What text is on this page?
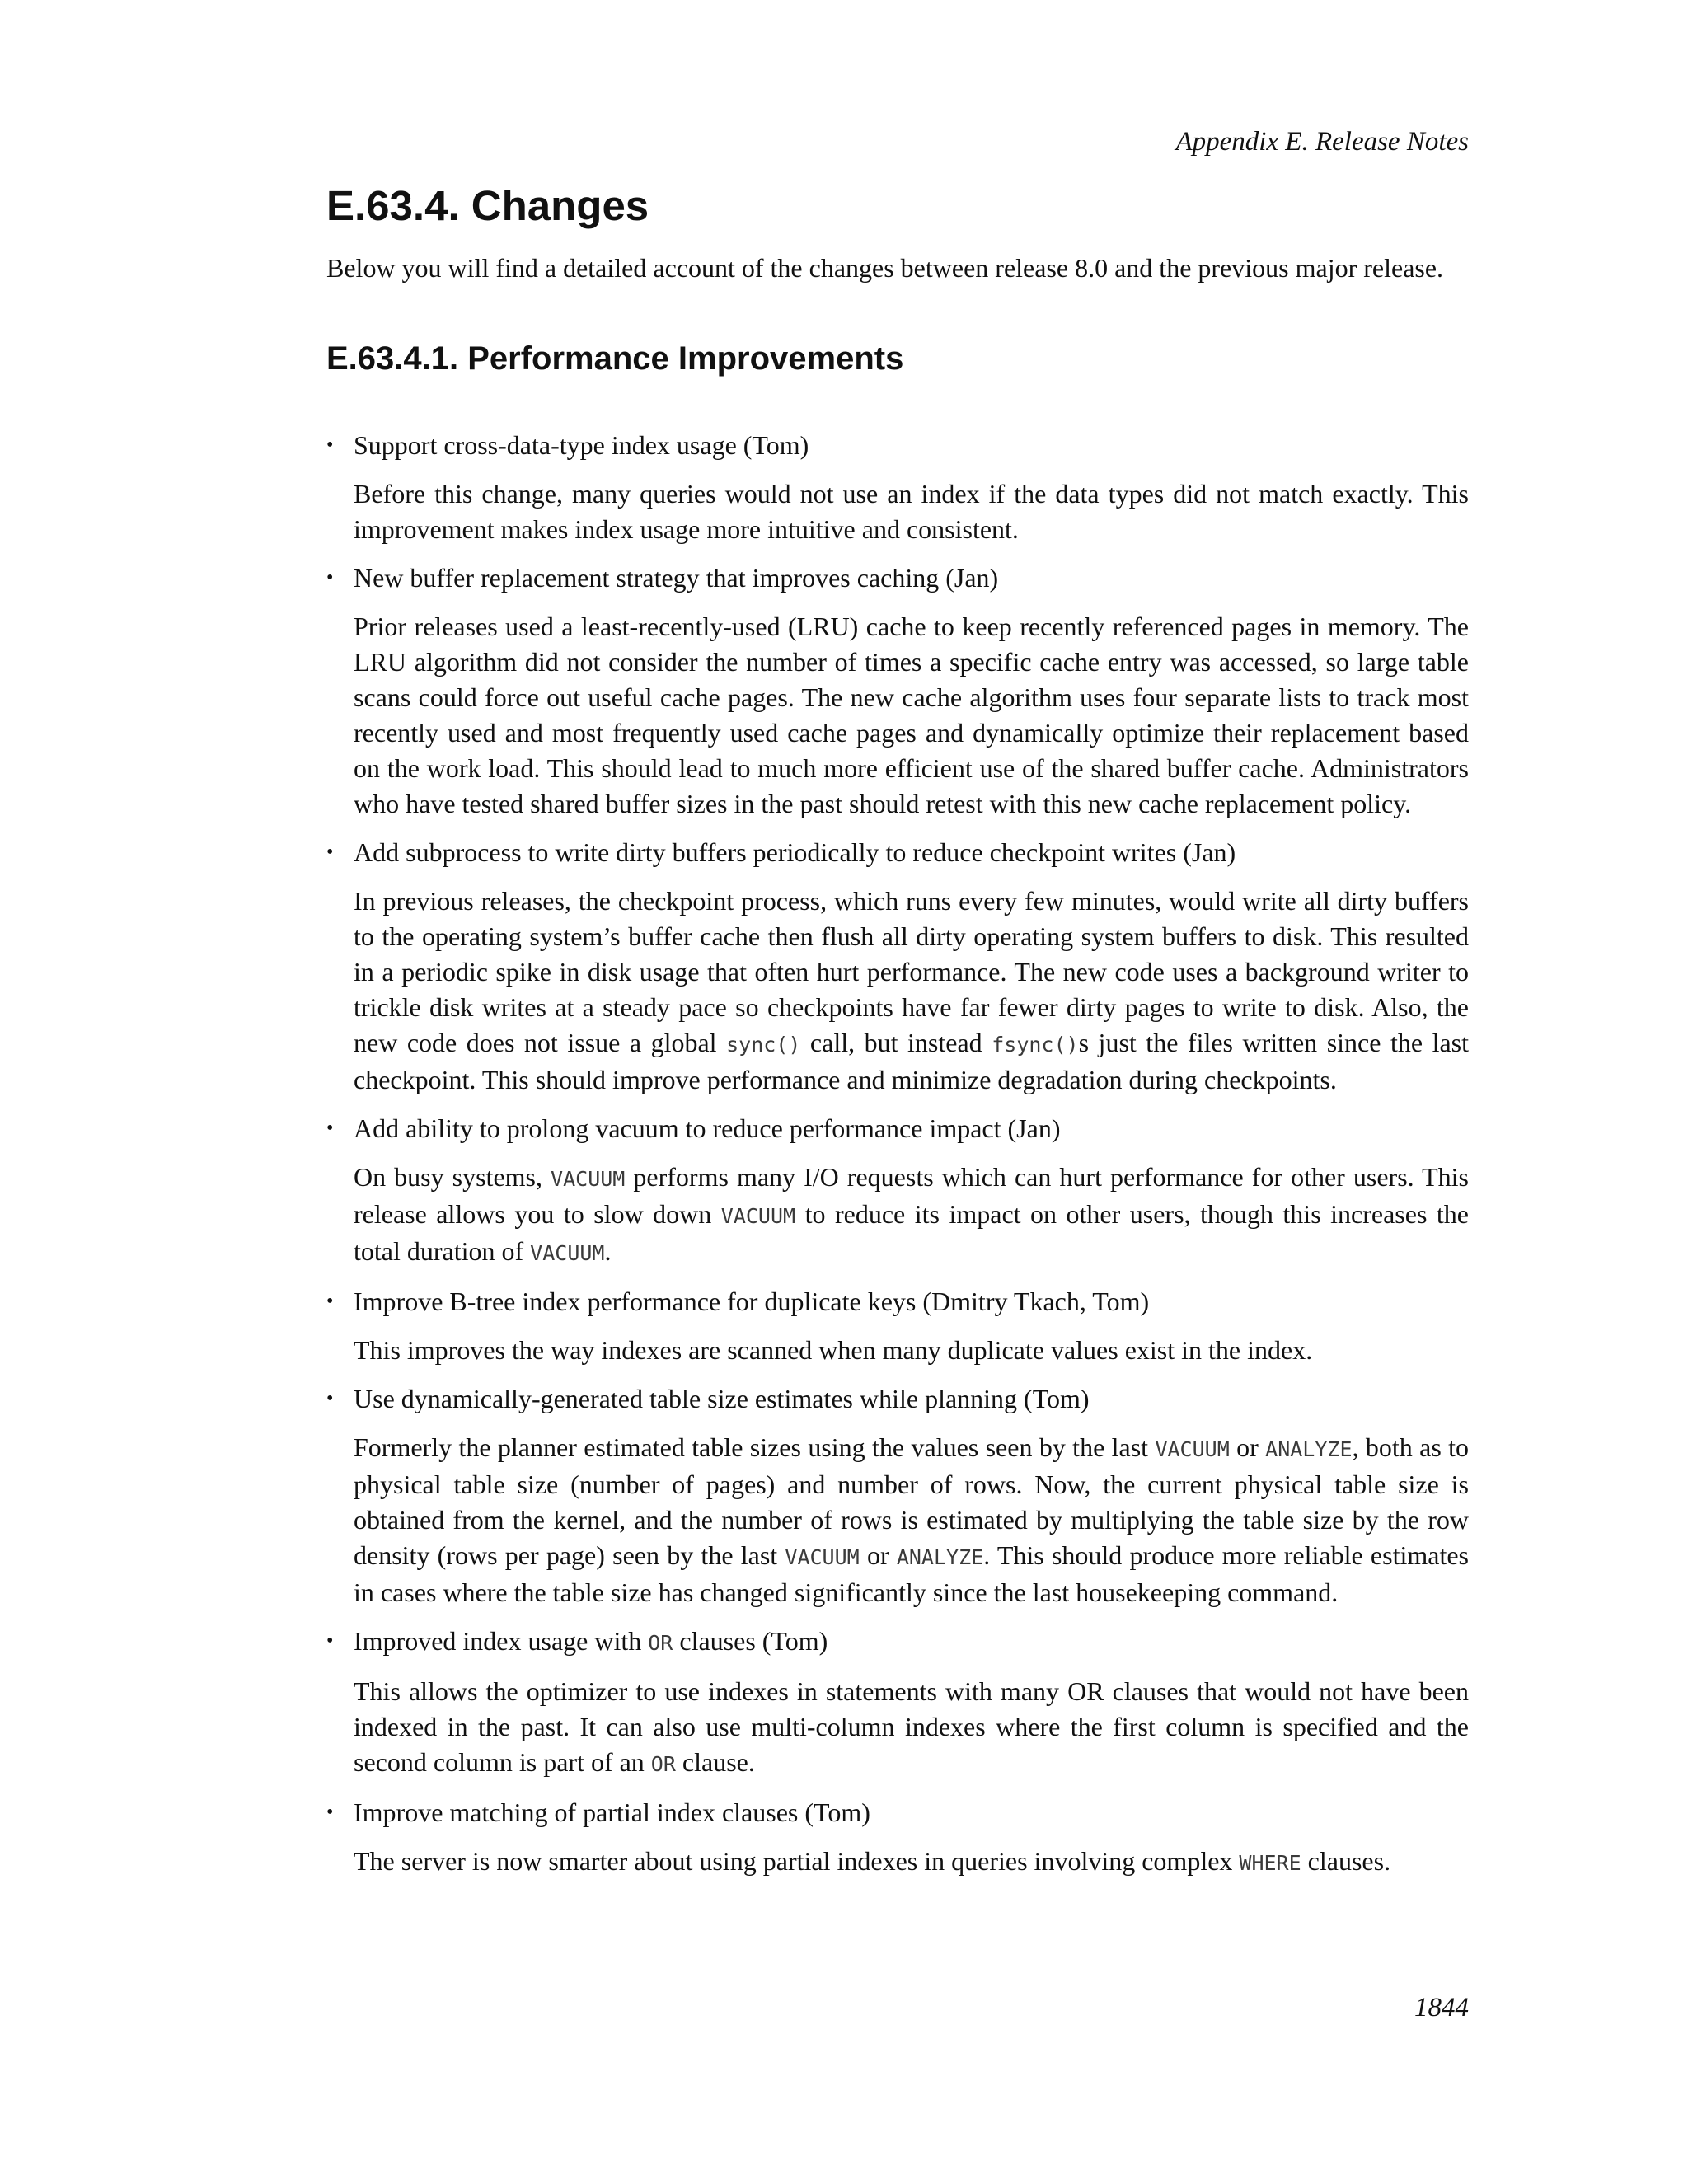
Appendix E. Release Notes
E.63.4. Changes

Below you will find a detailed account of the changes between release 8.0 and the previous major release.

E.63.4.1. Performance Improvements
• Support cross-data-type index usage (Tom)
Before this change, many queries would not use an index if the data types did not match exactly. This improvement makes index usage more intuitive and consistent.
• New buffer replacement strategy that improves caching (Jan)
Prior releases used a least-recently-used (LRU) cache to keep recently referenced pages in memory. The LRU algorithm did not consider the number of times a specific cache entry was accessed, so large table scans could force out useful cache pages. The new cache algorithm uses four separate lists to track most recently used and most frequently used cache pages and dynamically optimize their replacement based on the work load. This should lead to much more efficient use of the shared buffer cache. Administrators who have tested shared buffer sizes in the past should retest with this new cache replacement policy.
• Add subprocess to write dirty buffers periodically to reduce checkpoint writes (Jan)
In previous releases, the checkpoint process, which runs every few minutes, would write all dirty buffers to the operating system’s buffer cache then flush all dirty operating system buffers to disk. This resulted in a periodic spike in disk usage that often hurt performance. The new code uses a background writer to trickle disk writes at a steady pace so checkpoints have far fewer dirty pages to write to disk. Also, the new code does not issue a global sync() call, but instead fsync()s just the files written since the last checkpoint. This should improve performance and minimize degradation during checkpoints.
• Add ability to prolong vacuum to reduce performance impact (Jan)
On busy systems, VACUUM performs many I/O requests which can hurt performance for other users. This release allows you to slow down VACUUM to reduce its impact on other users, though this increases the total duration of VACUUM.
• Improve B-tree index performance for duplicate keys (Dmitry Tkach, Tom)
This improves the way indexes are scanned when many duplicate values exist in the index.
• Use dynamically-generated table size estimates while planning (Tom)
Formerly the planner estimated table sizes using the values seen by the last VACUUM or ANALYZE, both as to physical table size (number of pages) and number of rows. Now, the current physical table size is obtained from the kernel, and the number of rows is estimated by multiplying the table size by the row density (rows per page) seen by the last VACUUM or ANALYZE. This should produce more reliable estimates in cases where the table size has changed significantly since the last housekeeping command.
• Improved index usage with OR clauses (Tom)
This allows the optimizer to use indexes in statements with many OR clauses that would not have been indexed in the past. It can also use multi-column indexes where the first column is specified and the second column is part of an OR clause.
• Improve matching of partial index clauses (Tom)
The server is now smarter about using partial indexes in queries involving complex WHERE clauses.
1844
